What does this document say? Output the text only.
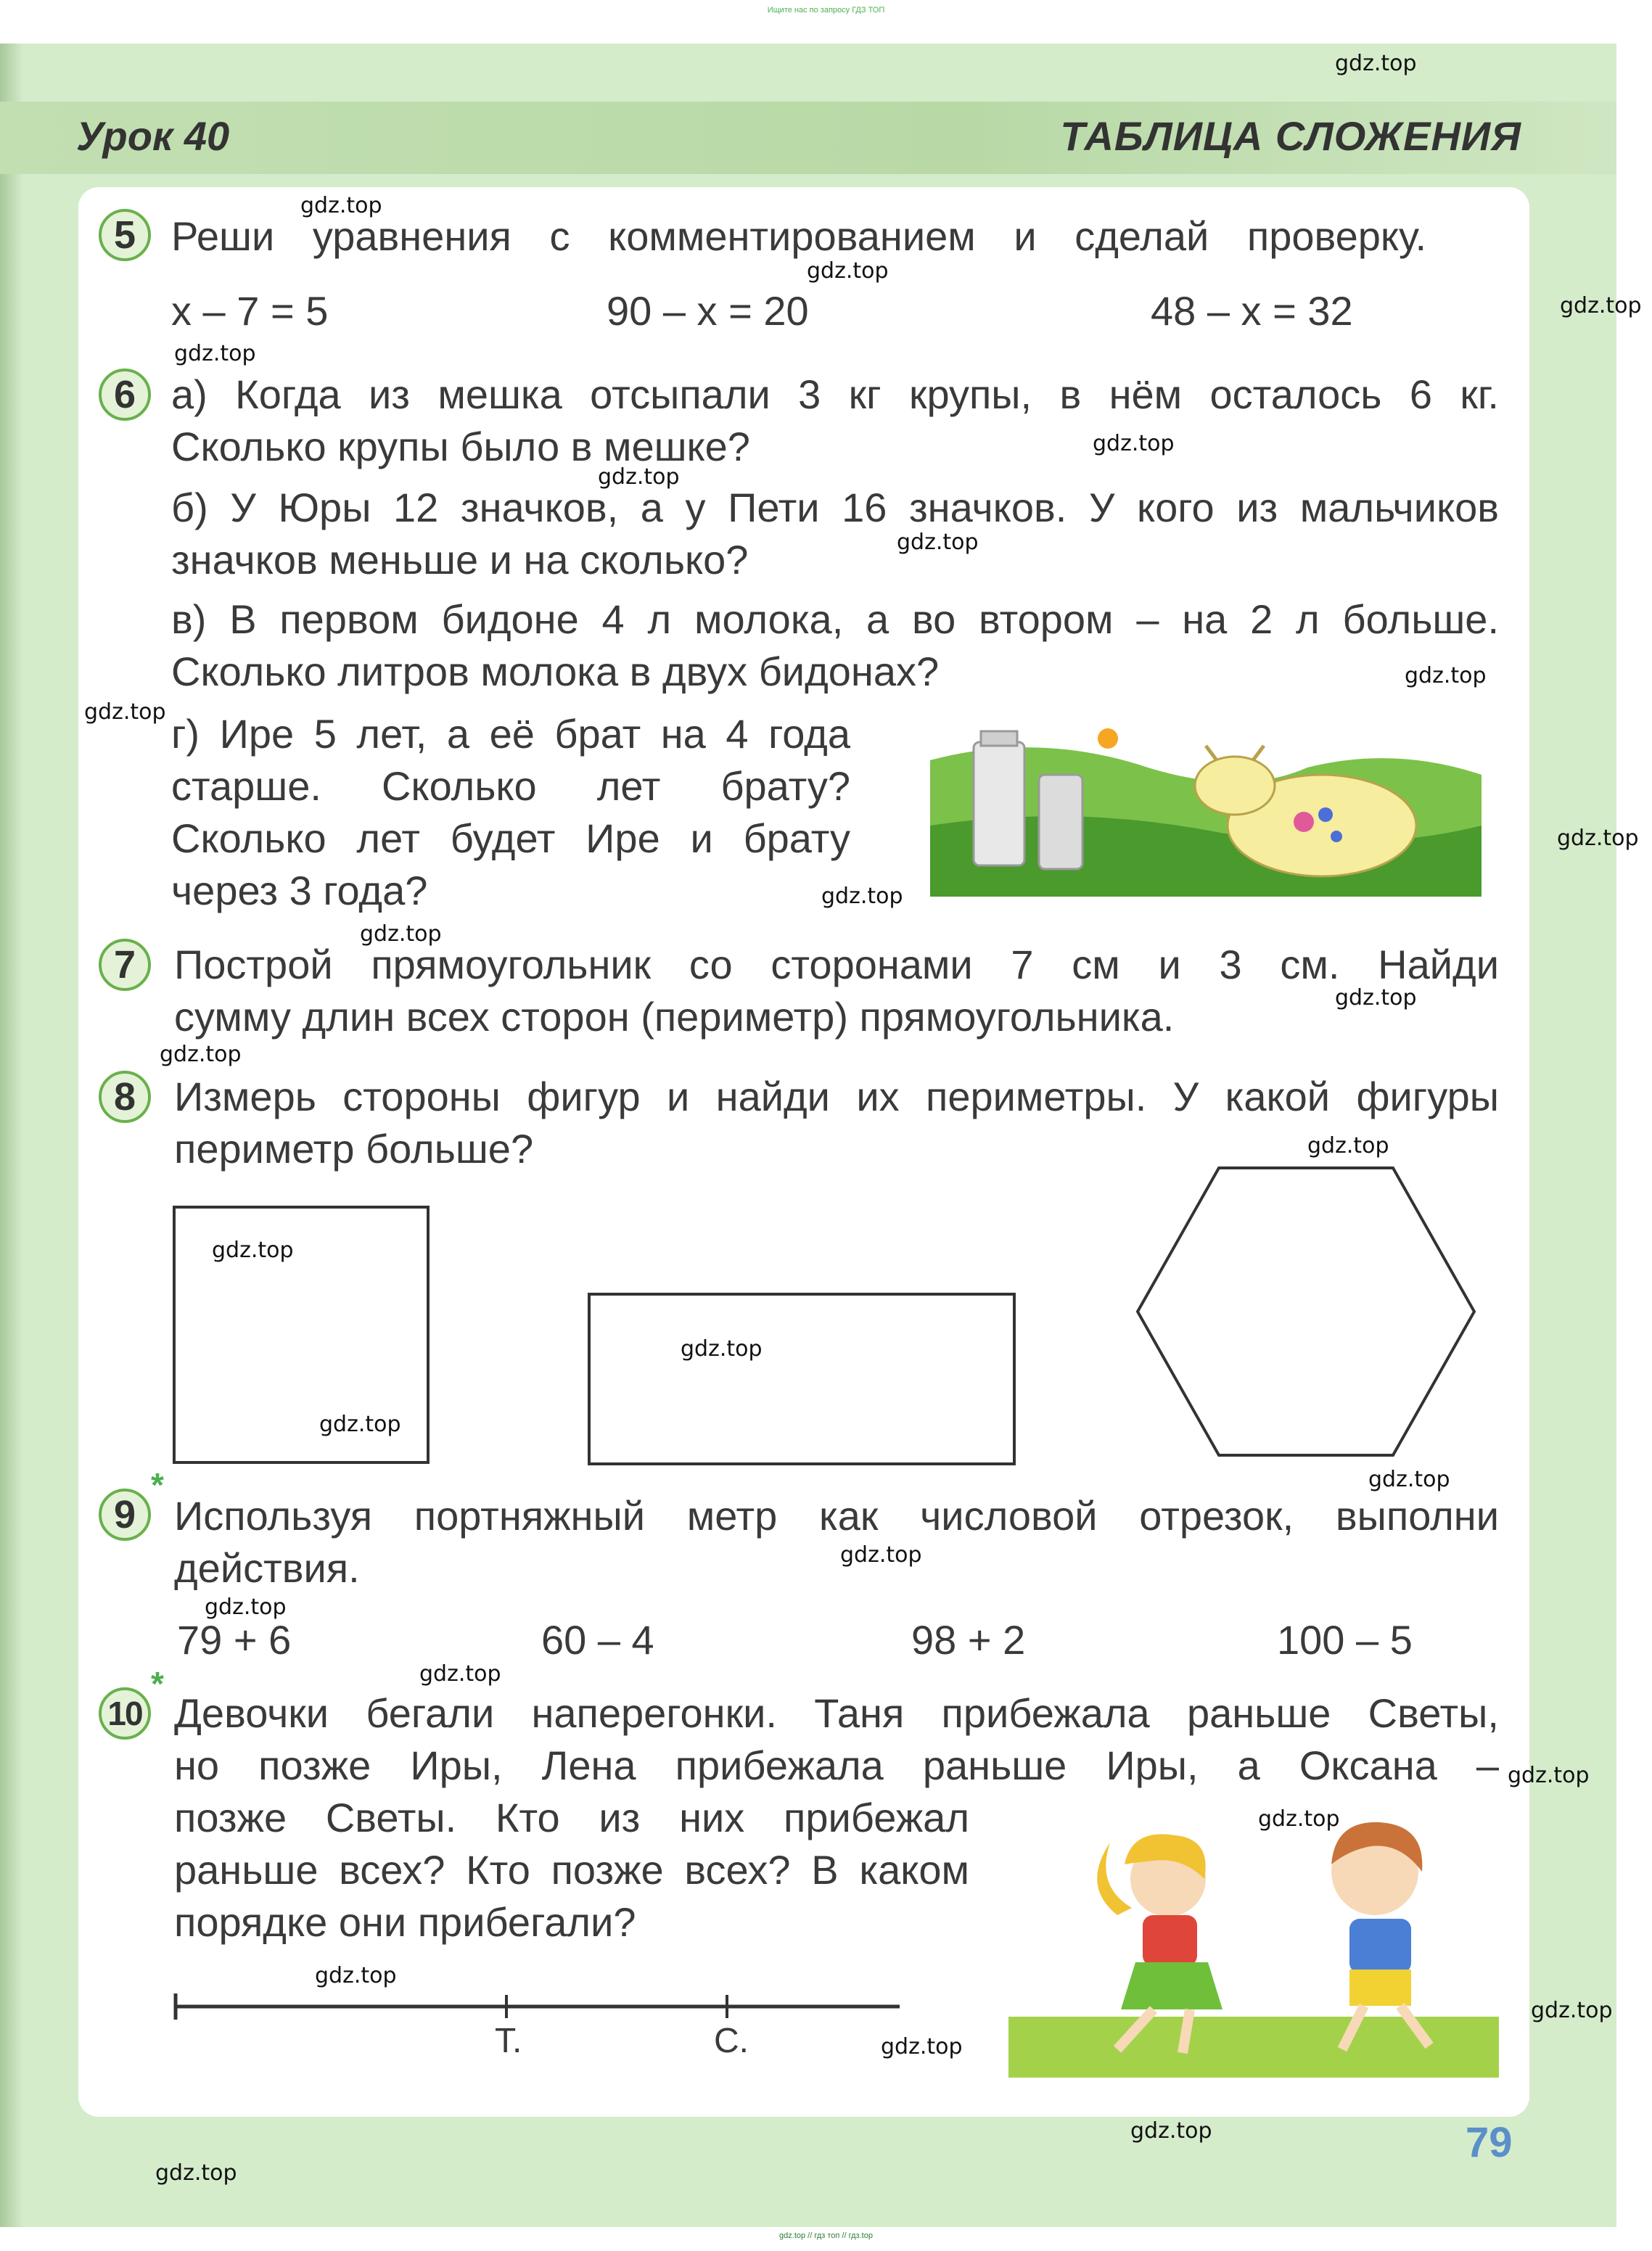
Ищите нас по запросу ГДЗ ТОП
Урок 40	ТАБЛИЦА СЛОЖЕНИЯ
5 Реши уравнения с комментированием и сделай проверку.
x – 7 = 5	90 – x = 20	48 – x = 32
6 а) Когда из мешка отсыпали 3 кг крупы, в нём осталось 6 кг.
Сколько крупы было в мешке?
б) У Юры 12 значков, а у Пети 16 значков. У кого из мальчиков
значков меньше и на сколько?
в) В первом бидоне 4 л молока, а во втором – на 2 л больше.
Сколько литров молока в двух бидонах?
г) Ире 5 лет, а её брат на 4 года
старше. Сколько лет брату?
Сколько лет будет Ире и брату
через 3 года?
7 Построй прямоугольник со сторонами 7 см и 3 см. Найди
сумму длин всех сторон (периметр) прямоугольника.
8 Измерь стороны фигур и найди их периметры. У какой фигуры
периметр больше?
9
*
Используя портняжный метр как числовой отрезок, выполни
действия.
79 + 6	60 – 4	98 + 2	100 – 5
10
*
Девочки бегали наперегонки. Таня прибежала раньше Светы,
но позже Иры, Лена прибежала раньше Иры, а Оксана –
позже Светы. Кто из них прибежал
раньше всех? Кто позже всех? В каком
порядке они прибегали?
Т.	С.
79
gdz.top
gdz.top
gdz.top
gdz.top
gdz.top
gdz.top
gdz.top
gdz.top
gdz.top
gdz.top
gdz.top
gdz.top
gdz.top
gdz.top
gdz.top
gdz.top
gdz.top
gdz.top
gdz.top
gdz.top
gdz.top
gdz.top
gdz.top
gdz.top
gdz.top
gdz.top
gdz.top
gdz.top
gdz.top
gdz.top
gdz.top // гдз топ // гдз.top
